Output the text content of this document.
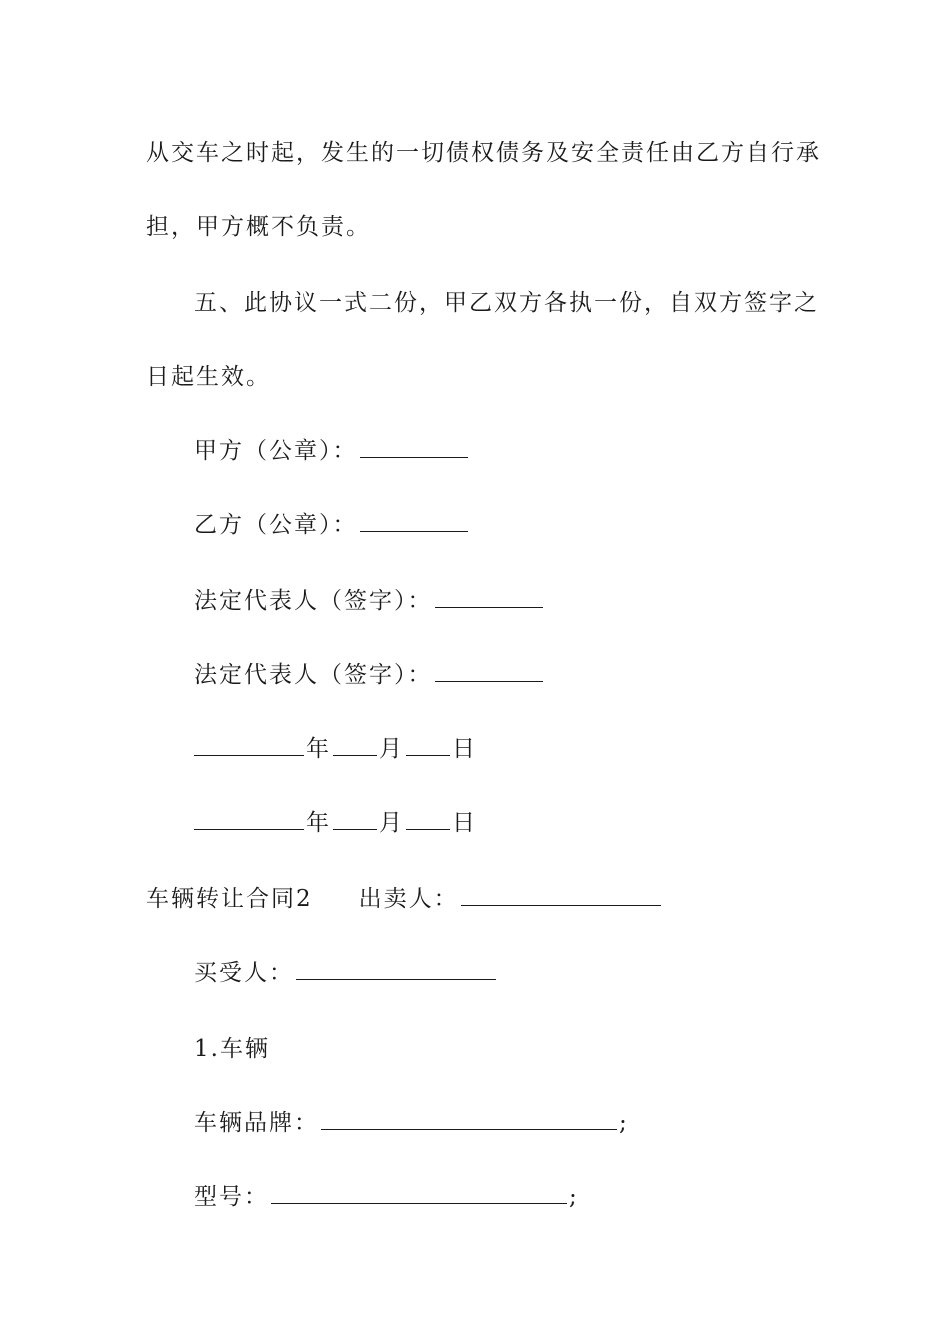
从交车之时起，发生的一切债权债务及安全责任由乙方自行承
担，甲方概不负责。
五、此协议一式二份，甲乙双方各执一份，自双方签字之
日起生效。
甲方（公章）：
乙方（公章）：
法定代表人（签字）：
法定代表人（签字）：
年 月 日
年 月 日
车辆转让合同2 出卖人：
买受人：
1.车辆
车辆品牌：	;
型号：	;
